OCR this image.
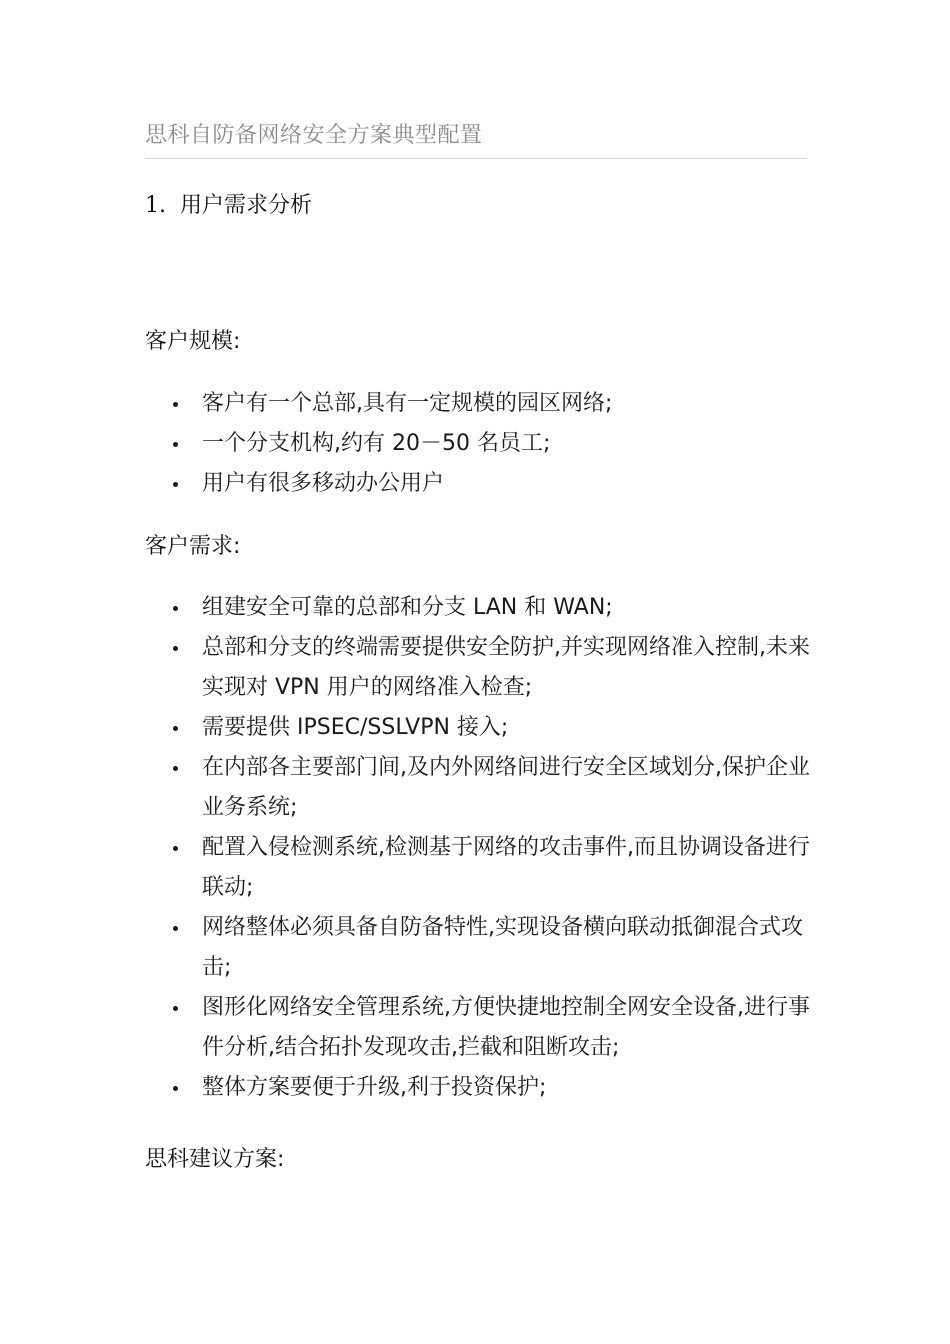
思科自防备网络安全方案典型配置
1. 用户需求分析
客户规模:
客户有一个总部,具有一定规模的园区网络;
一个分支机构,约有 20－50 名员工;
用户有很多移动办公用户
客户需求:
组建安全可靠的总部和分支 LAN 和 WAN;
总部和分支的终端需要提供安全防护,并实现网络准入控制,未来实现对 VPN 用户的网络准入检查;
需要提供 IPSEC/SSLVPN 接入;
在内部各主要部门间,及内外网络间进行安全区域划分,保护企业业务系统;
配置入侵检测系统,检测基于网络的攻击事件,而且协调设备进行联动;
网络整体必须具备自防备特性,实现设备横向联动抵御混合式攻击;
图形化网络安全管理系统,方便快捷地控制全网安全设备,进行事件分析,结合拓扑发现攻击,拦截和阻断攻击;
整体方案要便于升级,利于投资保护;
思科建议方案:
